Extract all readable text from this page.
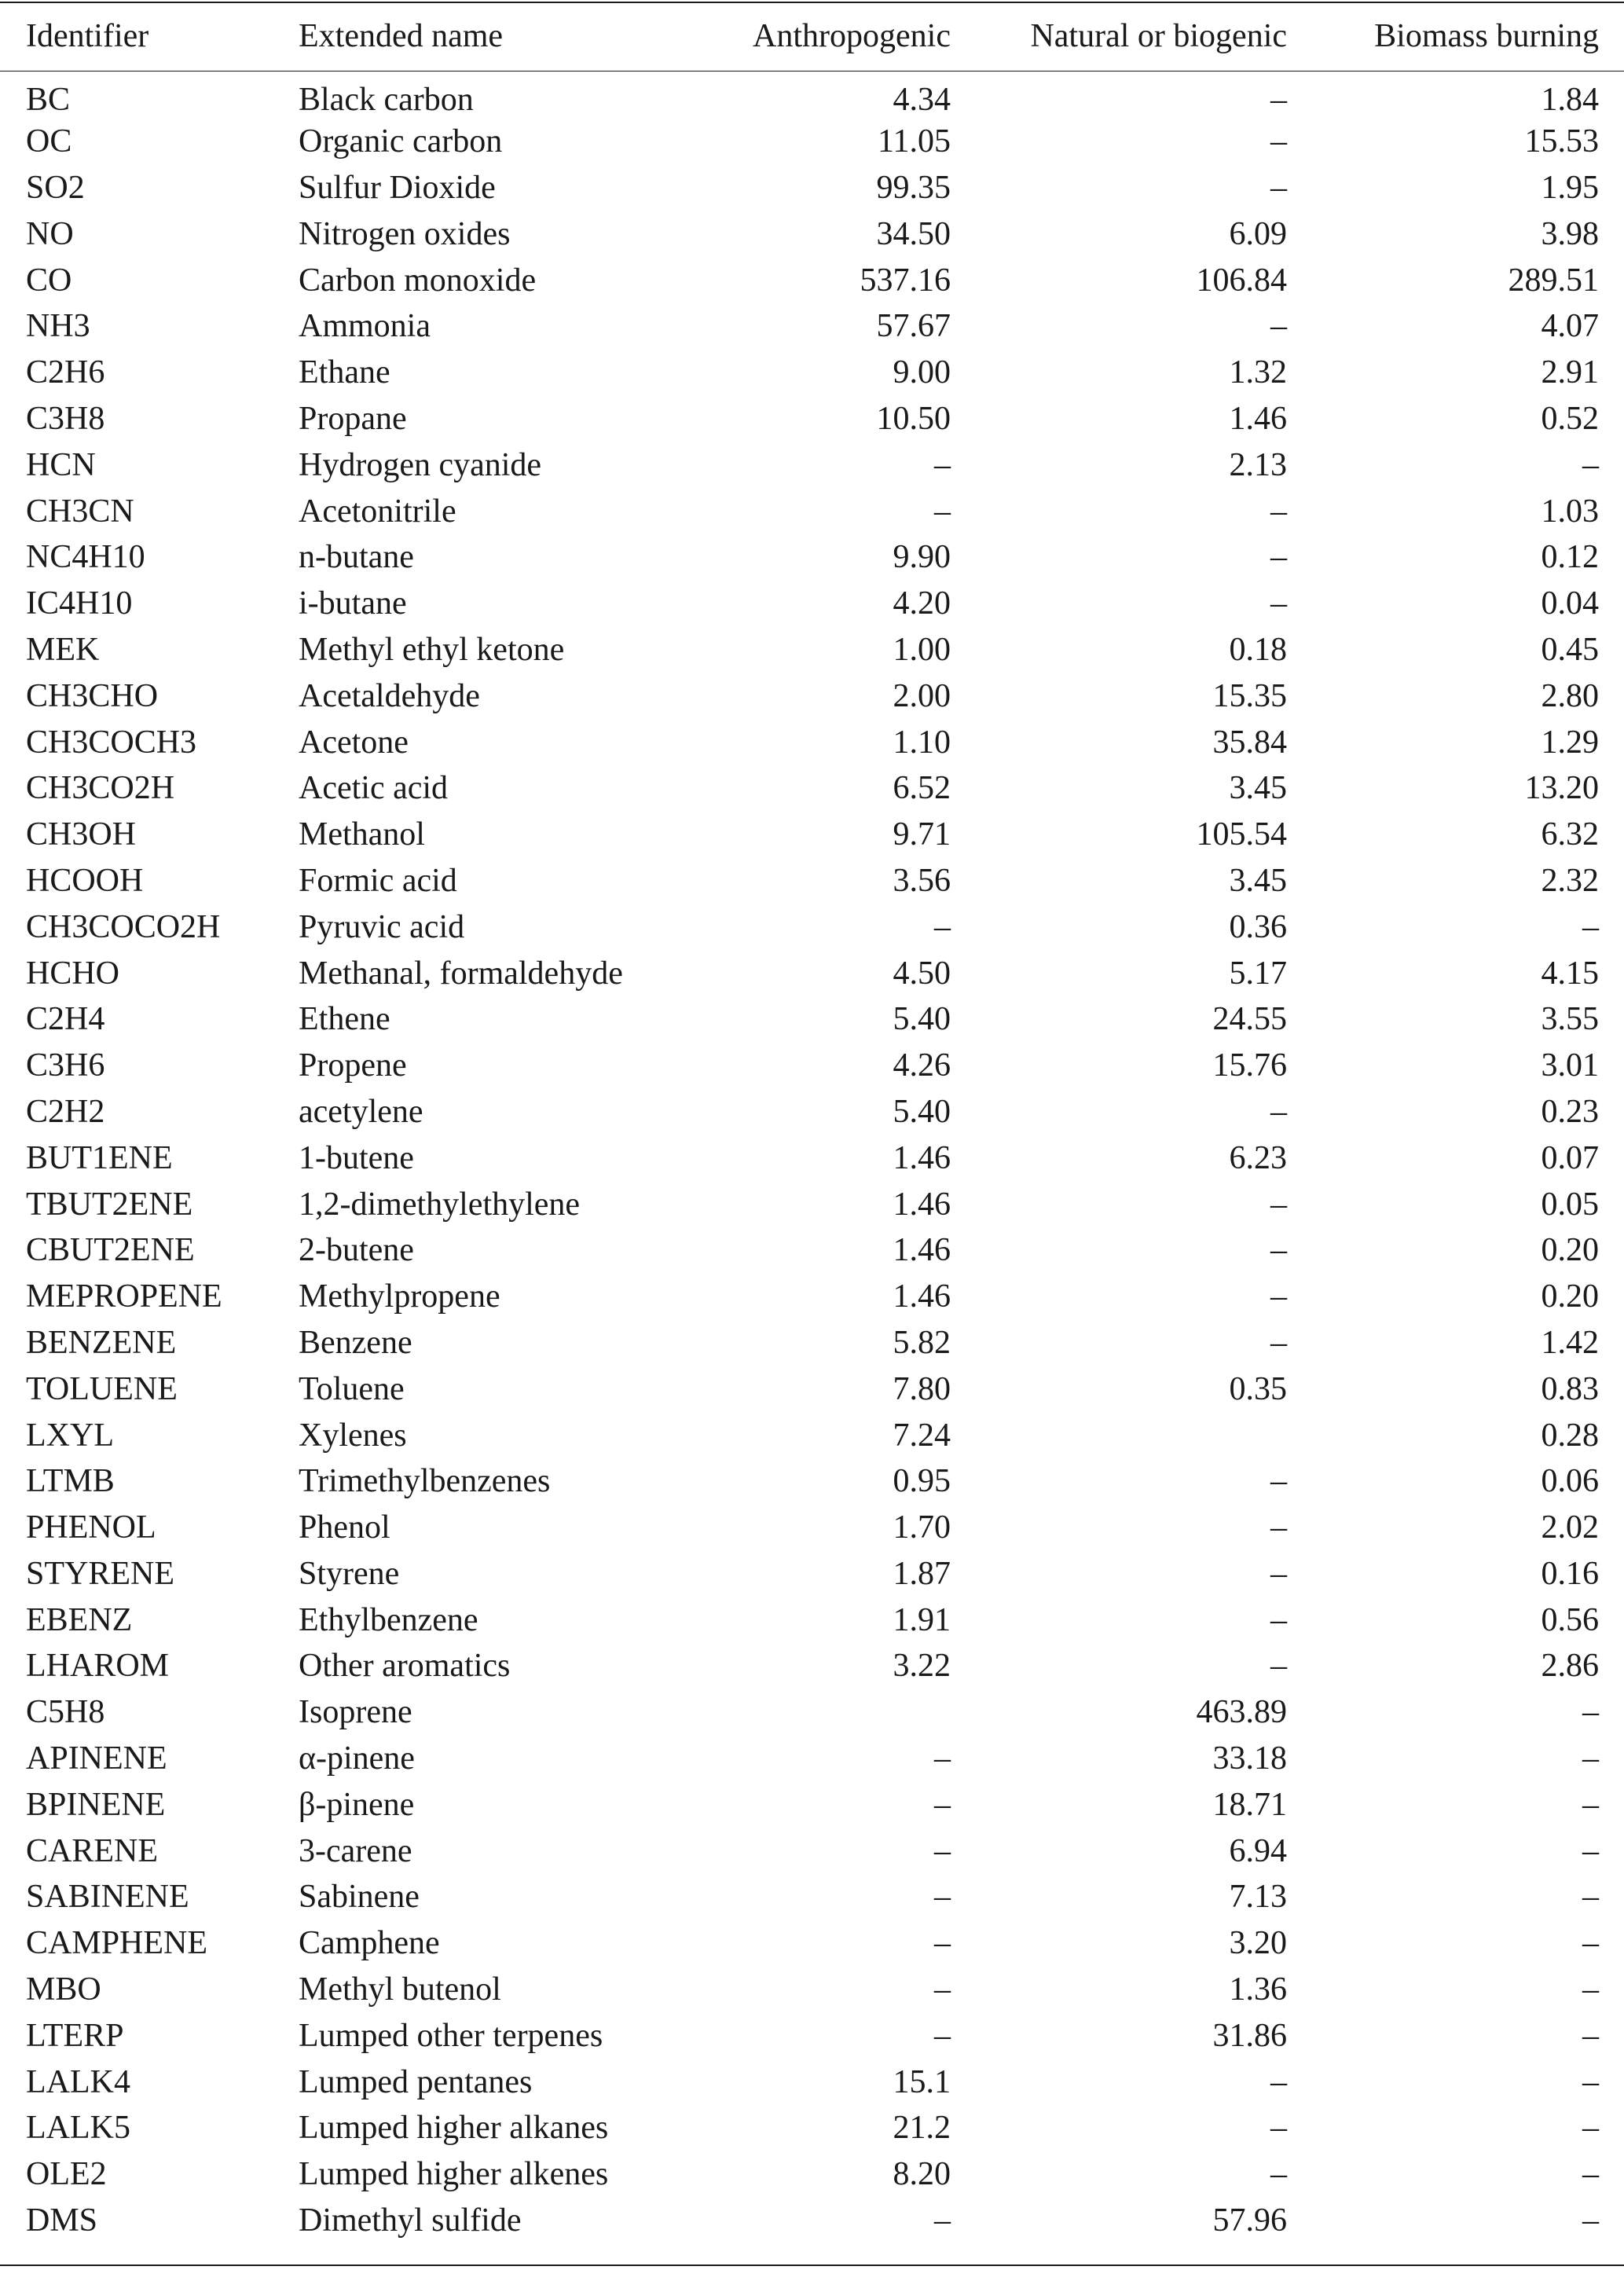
Identifier	Extended name	Anthropogenic	Natural or biogenic	Biomass burning
BC	Black carbon	4.34	–	1.84
OC	Organic carbon	11.05	–	15.53
SO2	Sulfur Dioxide	99.35	–	1.95
NO	Nitrogen oxides	34.50	6.09	3.98
CO	Carbon monoxide	537.16	106.84	289.51
NH3	Ammonia	57.67	–	4.07
C2H6	Ethane	9.00	1.32	2.91
C3H8	Propane	10.50	1.46	0.52
HCN	Hydrogen cyanide	–	2.13	–
CH3CN	Acetonitrile	–	–	1.03
NC4H10	n-butane	9.90	–	0.12
IC4H10	i-butane	4.20	–	0.04
MEK	Methyl ethyl ketone	1.00	0.18	0.45
CH3CHO	Acetaldehyde	2.00	15.35	2.80
CH3COCH3	Acetone	1.10	35.84	1.29
CH3CO2H	Acetic acid	6.52	3.45	13.20
CH3OH	Methanol	9.71	105.54	6.32
HCOOH	Formic acid	3.56	3.45	2.32
CH3COCO2H	Pyruvic acid	–	0.36	–
HCHO	Methanal, formaldehyde	4.50	5.17	4.15
C2H4	Ethene	5.40	24.55	3.55
C3H6	Propene	4.26	15.76	3.01
C2H2	acetylene	5.40	–	0.23
BUT1ENE	1-butene	1.46	6.23	0.07
TBUT2ENE	1,2-dimethylethylene	1.46	–	0.05
CBUT2ENE	2-butene	1.46	–	0.20
MEPROPENE	Methylpropene	1.46	–	0.20
BENZENE	Benzene	5.82	–	1.42
TOLUENE	Toluene	7.80	0.35	0.83
LXYL	Xylenes	7.24		0.28
LTMB	Trimethylbenzenes	0.95	–	0.06
PHENOL	Phenol	1.70	–	2.02
STYRENE	Styrene	1.87	–	0.16
EBENZ	Ethylbenzene	1.91	–	0.56
LHAROM	Other aromatics	3.22	–	2.86
C5H8	Isoprene		463.89	–
APINENE	α-pinene	–	33.18	–
BPINENE	β-pinene	–	18.71	–
CARENE	3-carene	–	6.94	–
SABINENE	Sabinene	–	7.13	–
CAMPHENE	Camphene	–	3.20	–
MBO	Methyl butenol	–	1.36	–
LTERP	Lumped other terpenes	–	31.86	–
LALK4	Lumped pentanes	15.1	–	–
LALK5	Lumped higher alkanes	21.2	–	–
OLE2	Lumped higher alkenes	8.20	–	–
DMS	Dimethyl sulfide	–	57.96	–
